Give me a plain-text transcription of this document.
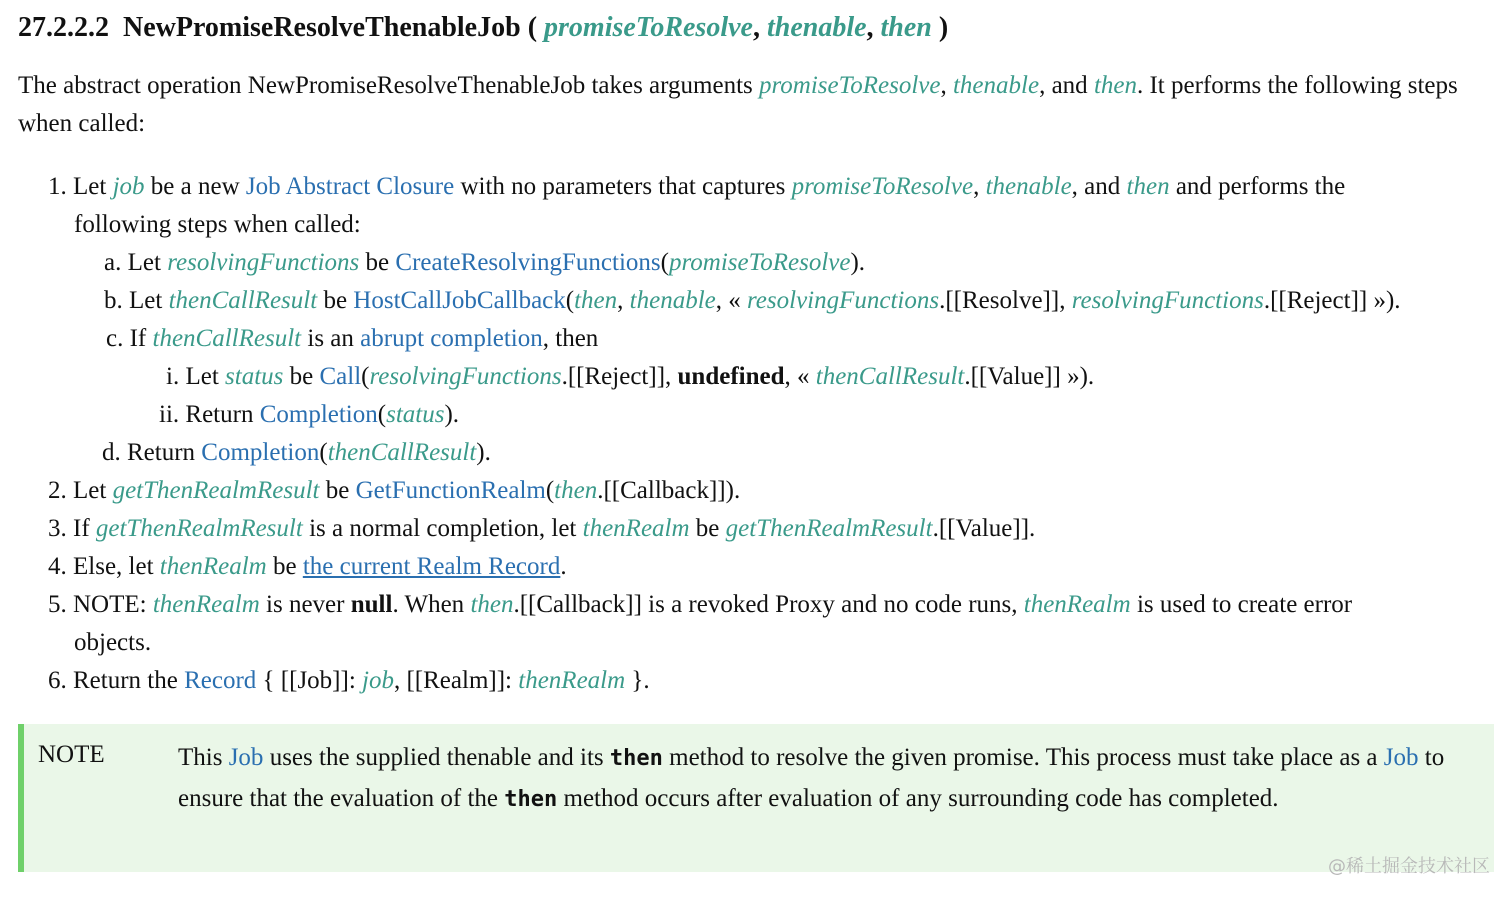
27.2.2.2 NewPromiseResolveThenableJob ( promiseToResolve, thenable, then )

The abstract operation NewPromiseResolveThenableJob takes arguments promiseToResolve, thenable, and then. It performs the following steps when called:

1. Let job be a new Job Abstract Closure with no parameters that captures promiseToResolve, thenable, and then and performs the
following steps when called:
a. Let resolvingFunctions be CreateResolvingFunctions(promiseToResolve).
b. Let thenCallResult be HostCallJobCallback(then, thenable, « resolvingFunctions.[[Resolve]], resolvingFunctions.[[Reject]] »).
c. If thenCallResult is an abrupt completion, then
i. Let status be Call(resolvingFunctions.[[Reject]], undefined, « thenCallResult.[[Value]] »).
ii. Return Completion(status).
d. Return Completion(thenCallResult).
2. Let getThenRealmResult be GetFunctionRealm(then.[[Callback]]).
3. If getThenRealmResult is a normal completion, let thenRealm be getThenRealmResult.[[Value]].
4. Else, let thenRealm be the current Realm Record.
5. NOTE: thenRealm is never null. When then.[[Callback]] is a revoked Proxy and no code runs, thenRealm is used to create error
objects.
6. Return the Record { [[Job]]: job, [[Realm]]: thenRealm }.
NOTE	This Job uses the supplied thenable and its then method to resolve the given promise. This process must take place as a Job to ensure that the evaluation of the then method occurs after evaluation of any surrounding code has completed.
@稀土掘金技术社区
